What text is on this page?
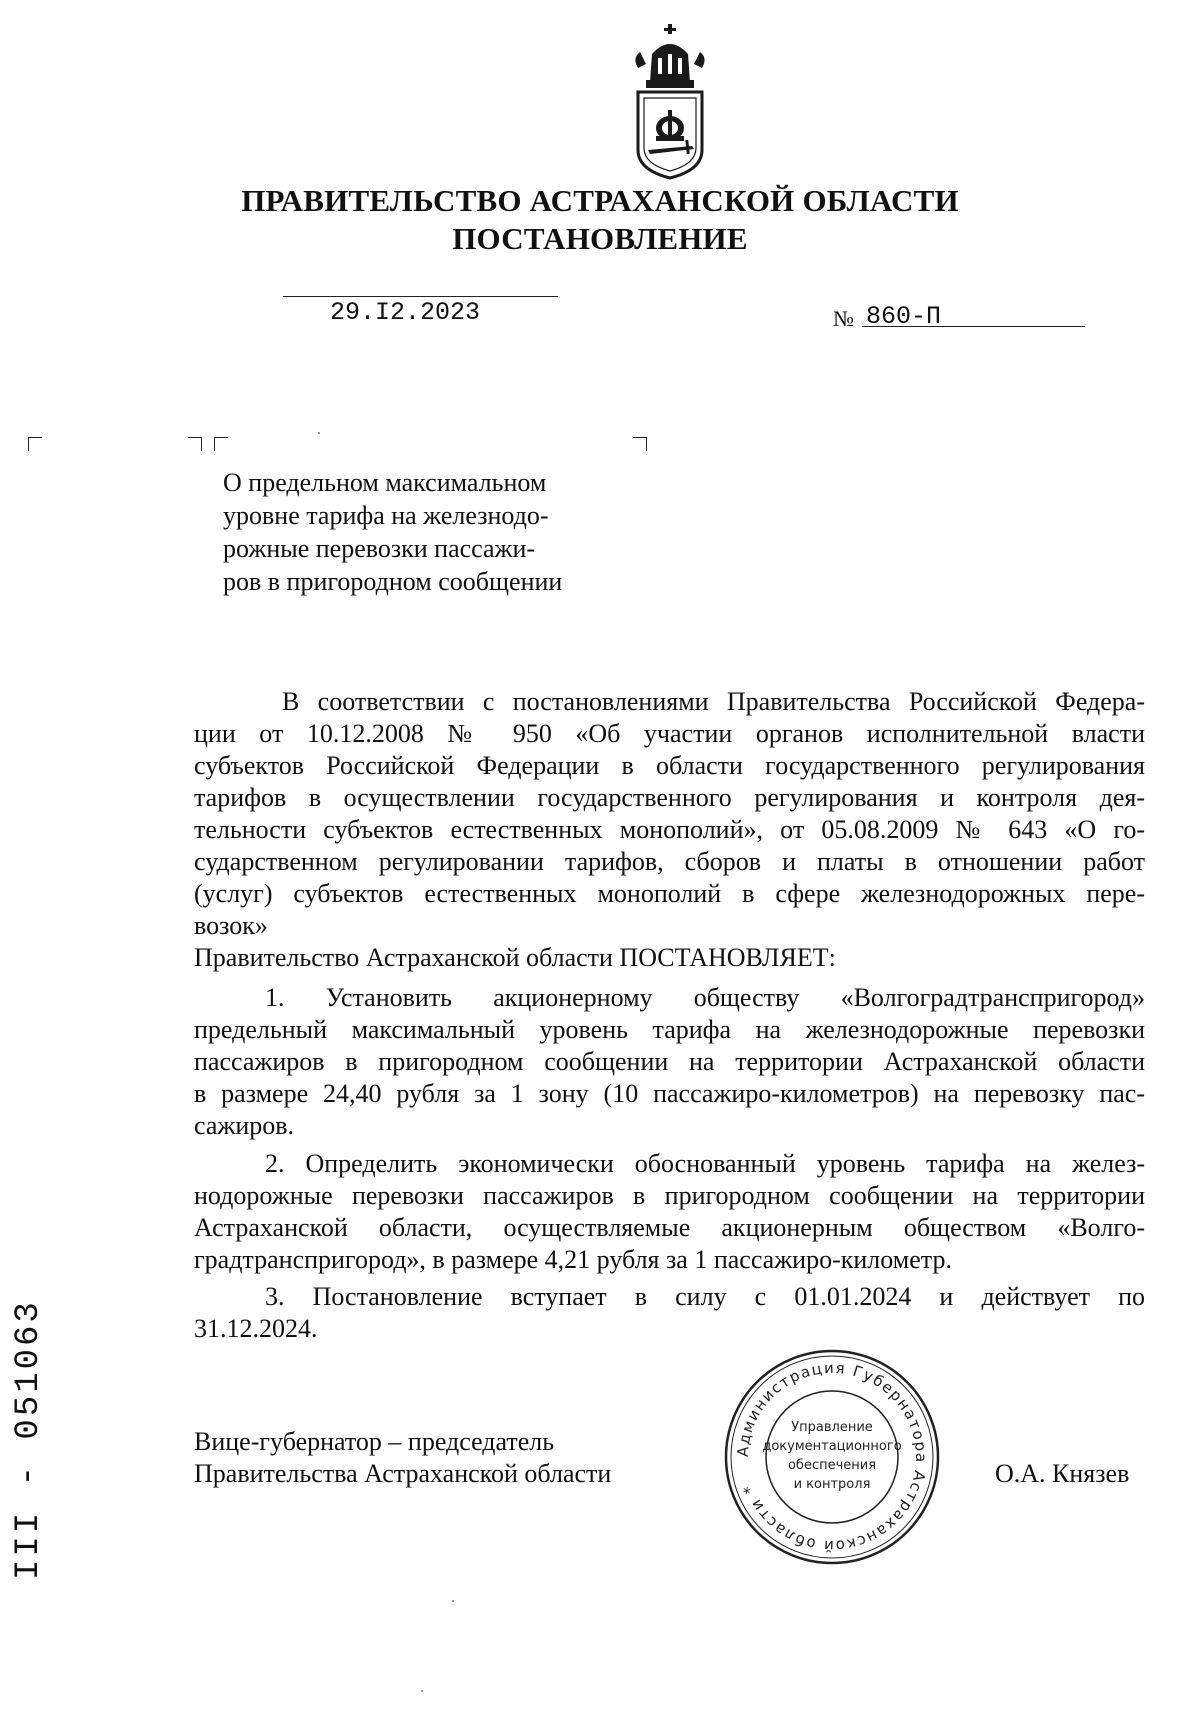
ПРАВИТЕЛЬСТВО АСТРАХАНСКОЙ ОБЛАСТИ
ПОСТАНОВЛЕНИЕ
29.I2.2023	№ 860-П
О предельном максимальном
уровне тарифа на железнодо-
рожные перевозки пассажи-
ров в пригородном сообщении
В соответствии с постановлениями Правительства Российской Федера-
ции от 10.12.2008 № 950 «Об участии органов исполнительной власти
субъектов Российской Федерации в области государственного регулирования
тарифов в осуществлении государственного регулирования и контроля дея-
тельности субъектов естественных монополий», от 05.08.2009 № 643 «О го-
сударственном регулировании тарифов, сборов и платы в отношении работ
(услуг) субъектов естественных монополий в сфере железнодорожных пере-
возок»
Правительство Астраханской области ПОСТАНОВЛЯЕТ:
1. Установить акционерному обществу «Волгоградтранспригород»
предельный максимальный уровень тарифа на железнодорожные перевозки
пассажиров в пригородном сообщении на территории Астраханской области
в размере 24,40 рубля за 1 зону (10 пассажиро-километров) на перевозку пас-
сажиров.
2. Определить экономически обоснованный уровень тарифа на желез-
нодорожные перевозки пассажиров в пригородном сообщении на территории
Астраханской области, осуществляемые акционерным обществом «Волго-
градтранспригород», в размере 4,21 рубля за 1 пассажиро-километр.
3. Постановление вступает в силу с 01.01.2024 и действует по
31.12.2024.
Вице-губернатор – председатель
Правительства Астраханской области	О.А. Князев
Администрация Губернатора Астраханской области *
Управление
документационного
обеспечения
и контроля
III - 051063
